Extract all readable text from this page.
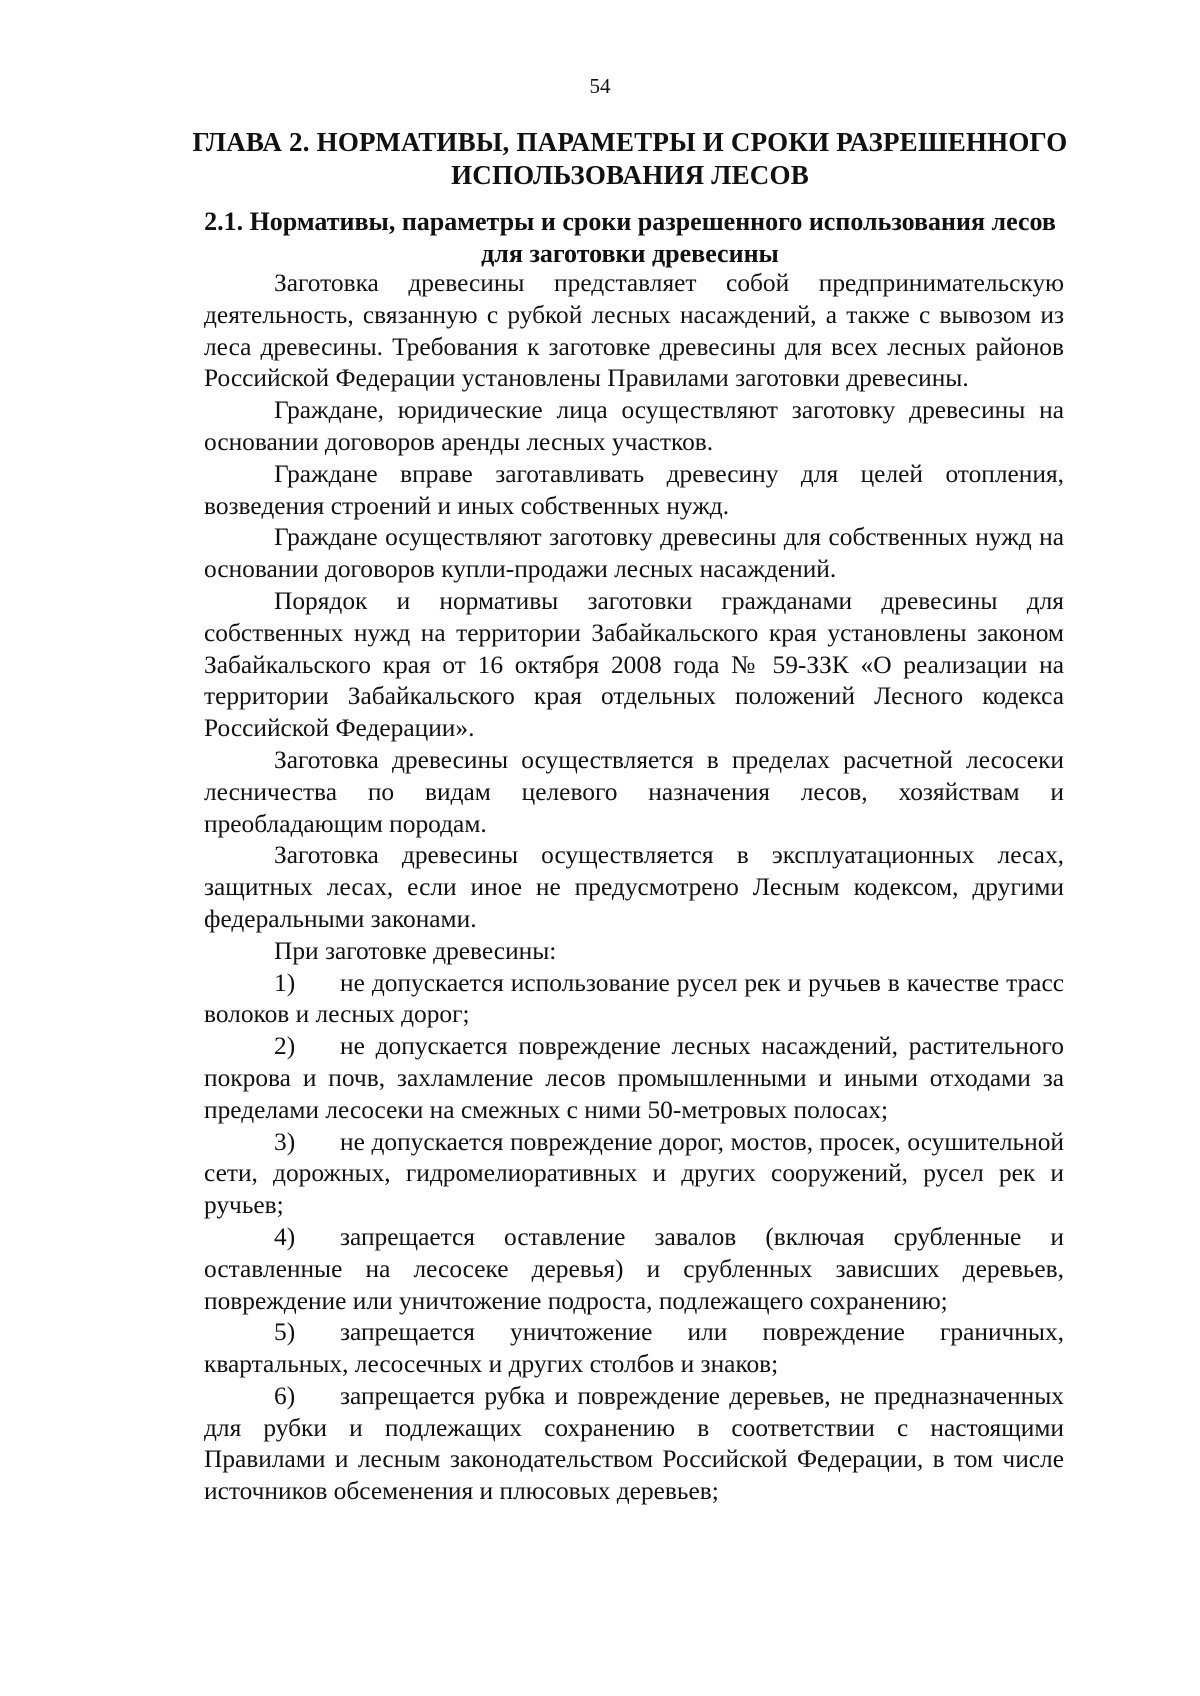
54
ГЛАВА 2. НОРМАТИВЫ, ПАРАМЕТРЫ И СРОКИ РАЗРЕШЕННОГО ИСПОЛЬЗОВАНИЯ ЛЕСОВ
2.1. Нормативы, параметры и сроки разрешенного использования лесов для заготовки древесины

Заготовка древесины представляет собой предпринимательскую деятельность, связанную с рубкой лесных насаждений, а также с вывозом из леса древесины. Требования к заготовке древесины для всех лесных районов Российской Федерации установлены Правилами заготовки древесины.

Граждане, юридические лица осуществляют заготовку древесины на основании договоров аренды лесных участков.

Граждане вправе заготавливать древесину для целей отопления, возведения строений и иных собственных нужд.

Граждане осуществляют заготовку древесины для собственных нужд на основании договоров купли-продажи лесных насаждений.

Порядок и нормативы заготовки гражданами древесины для собственных нужд на территории Забайкальского края установлены законом Забайкальского края от 16 октября 2008 года № 59-ЗЗК «О реализации на территории Забайкальского края отдельных положений Лесного кодекса Российской Федерации».

Заготовка древесины осуществляется в пределах расчетной лесосеки лесничества по видам целевого назначения лесов, хозяйствам и преобладающим породам.

Заготовка древесины осуществляется в эксплуатационных лесах, защитных лесах, если иное не предусмотрено Лесным кодексом, другими федеральными законами.

При заготовке древесины:

1) не допускается использование русел рек и ручьев в качестве трасс волоков и лесных дорог;

2) не допускается повреждение лесных насаждений, растительного покрова и почв, захламление лесов промышленными и иными отходами за пределами лесосеки на смежных с ними 50-метровых полосах;

3) не допускается повреждение дорог, мостов, просек, осушительной сети, дорожных, гидромелиоративных и других сооружений, русел рек и ручьев;

4) запрещается оставление завалов (включая срубленные и оставленные на лесосеке деревья) и срубленных зависших деревьев, повреждение или уничтожение подроста, подлежащего сохранению;

5) запрещается уничтожение или повреждение граничных, квартальных, лесосечных и других столбов и знаков;

6) запрещается рубка и повреждение деревьев, не предназначенных для рубки и подлежащих сохранению в соответствии с настоящими Правилами и лесным законодательством Российской Федерации, в том числе источников обсеменения и плюсовых деревьев;
